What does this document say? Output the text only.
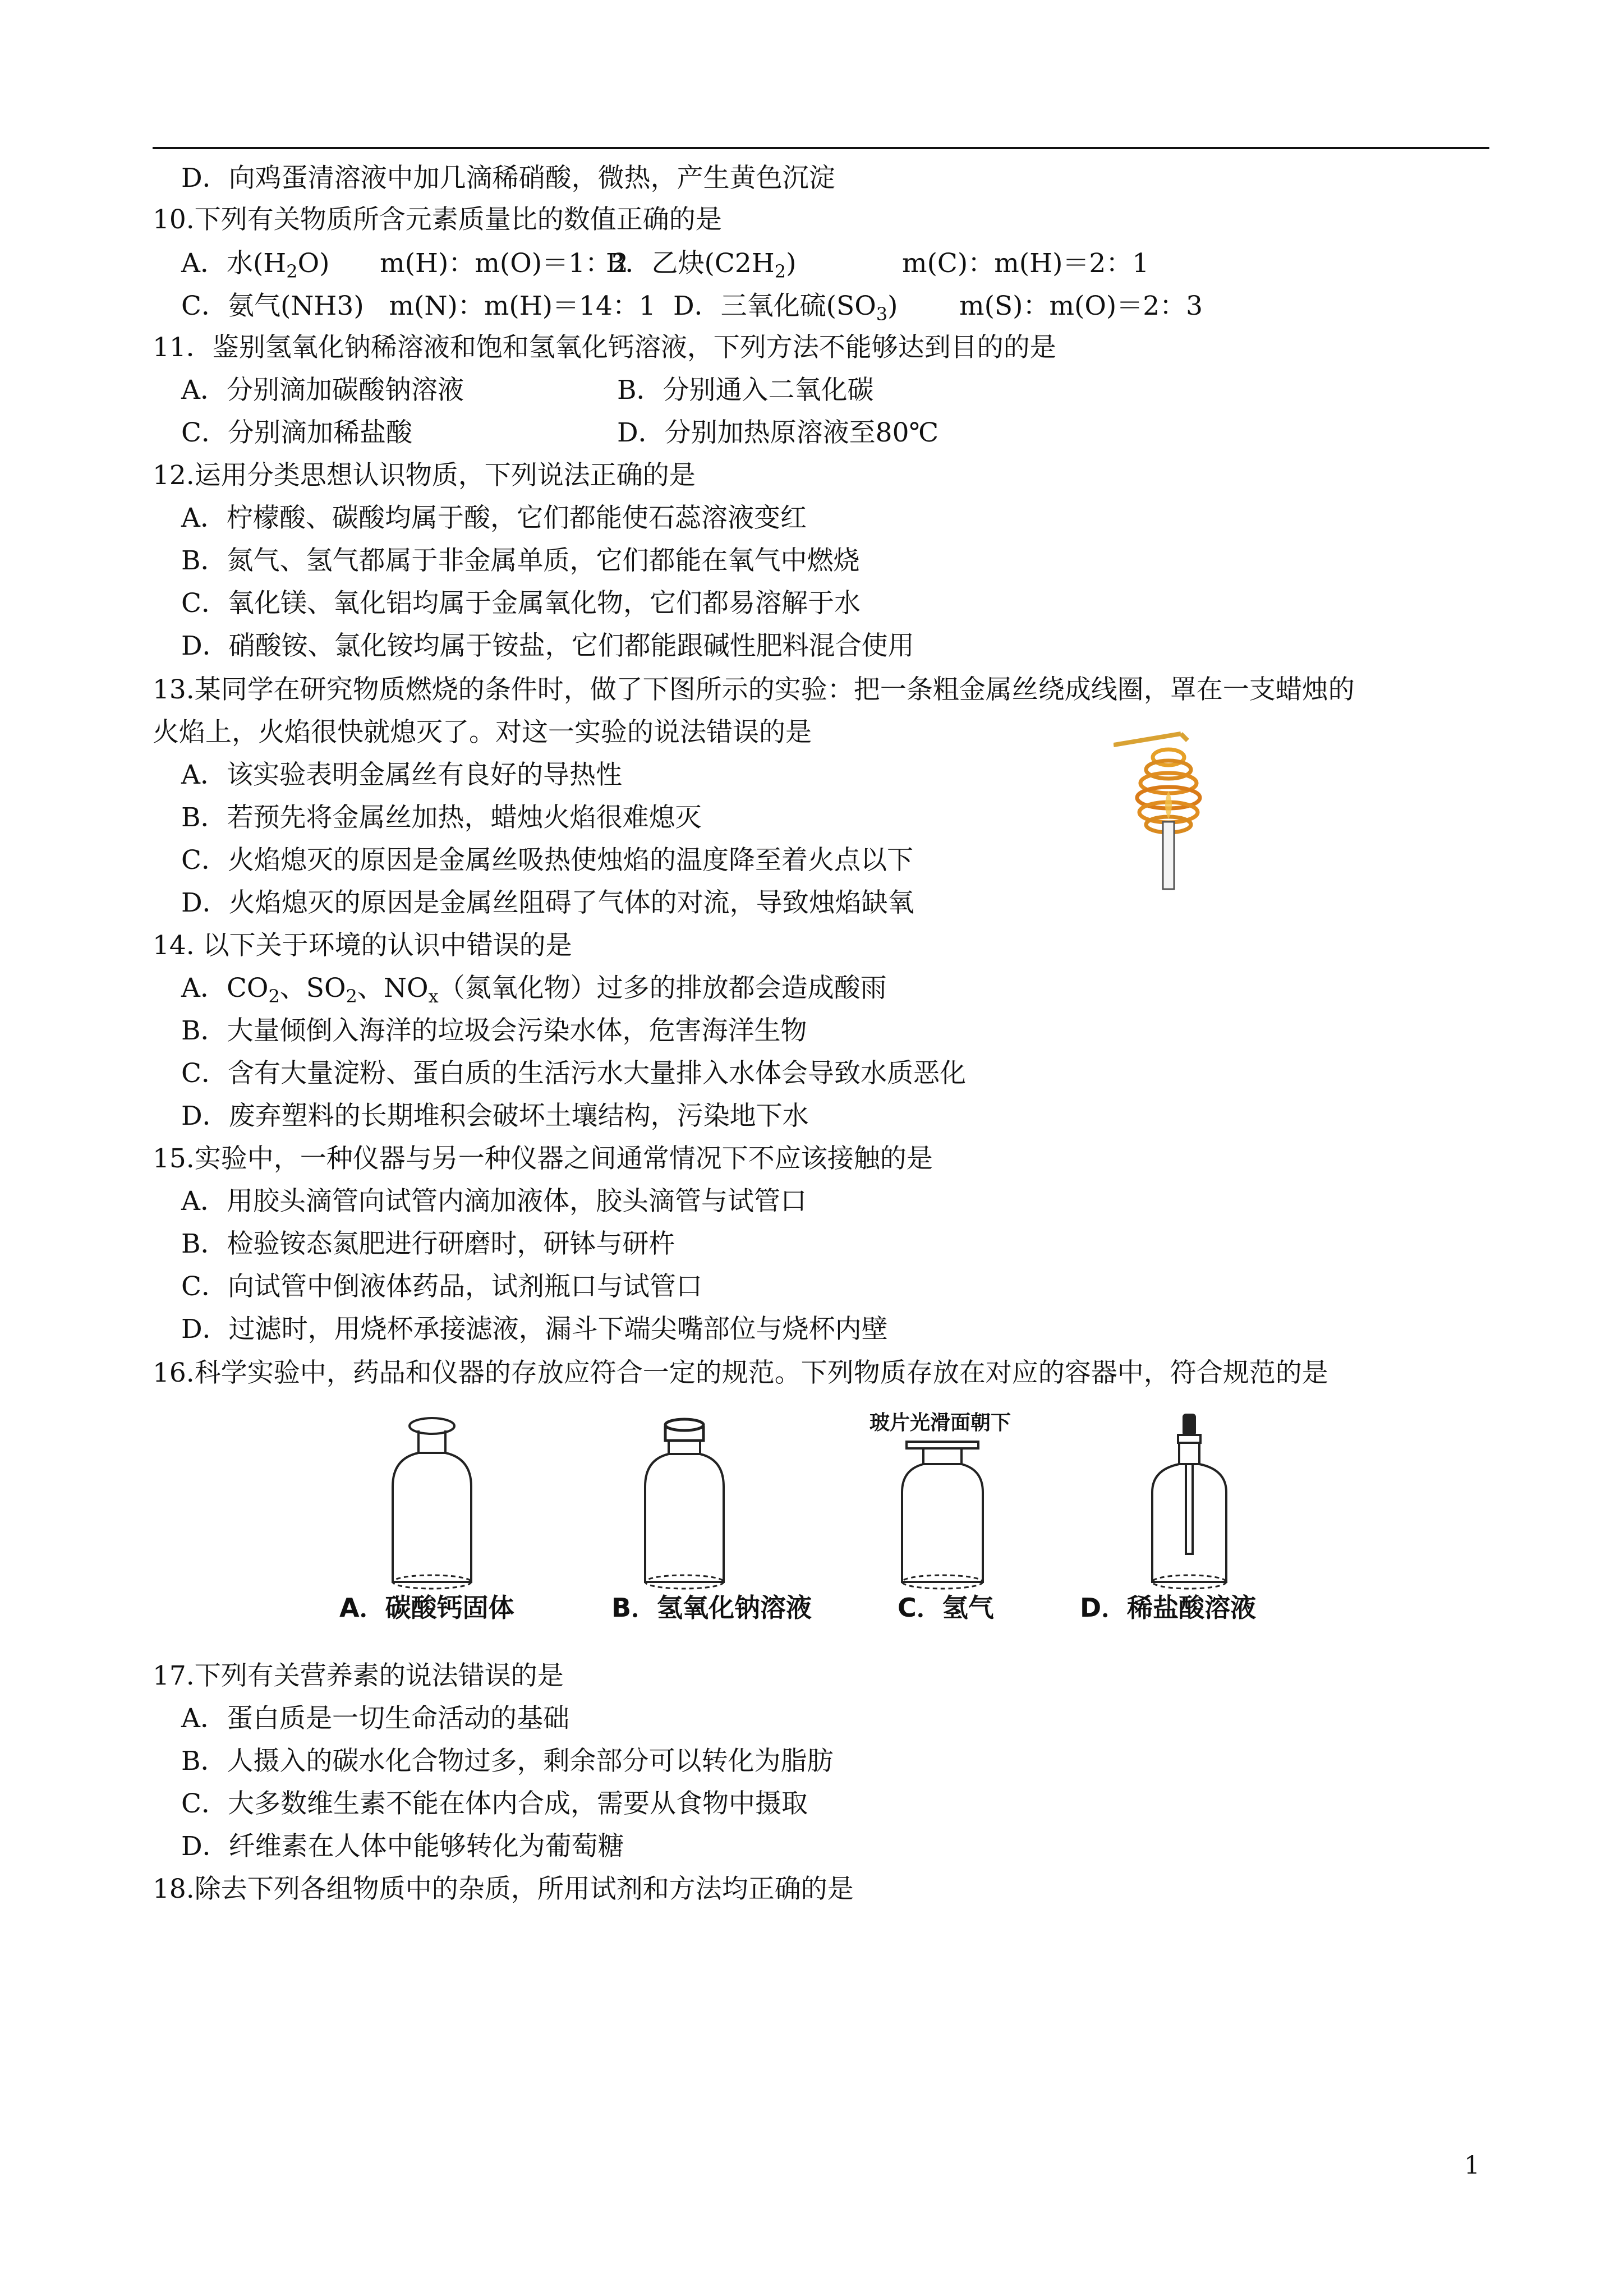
D．向鸡蛋清溶液中加几滴稀硝酸，微热，产生黄色沉淀
10.下列有关物质所含元素质量比的数值正确的是
A．水$(H_2O)$      m(H)：m(O)＝1：2
B．乙炔$(C2H_2)$	m(C)：m(H)＝2：1
C．氨气(NH3)   m(N)：m(H)＝14：1 D．三氧化硫$(SO_3)$ m(S)：m(O)＝2：3
11．鉴别氢氧化钠稀溶液和饱和氢氧化钙溶液，下列方法不能够达到目的的是
A．分别滴加碳酸钠溶液	B．分别通入二氧化碳
C．分别滴加稀盐酸	D．分别加热原溶液至80℃
12.运用分类思想认识物质，下列说法正确的是
A．柠檬酸、碳酸均属于酸，它们都能使石蕊溶液变红
B．氮气、氢气都属于非金属单质，它们都能在氧气中燃烧
C．氧化镁、氧化铝均属于金属氧化物，它们都易溶解于水
D．硝酸铵、氯化铵均属于铵盐，它们都能跟碱性肥料混合使用
13.某同学在研究物质燃烧的条件时，做了下图所示的实验：把一条粗金属丝绕成线圈，罩在一支蜡烛的
火焰上，火焰很快就熄灭了。对这一实验的说法错误的是
A．该实验表明金属丝有良好的导热性
B．若预先将金属丝加热，蜡烛火焰很难熄灭
C．火焰熄灭的原因是金属丝吸热使烛焰的温度降至着火点以下
D．火焰熄灭的原因是金属丝阻碍了气体的对流，导致烛焰缺氧
14. 以下关于环境的认识中错误的是
A．$CO_2$、$SO_2$、$NO_x$（氮氧化物）过多的排放都会造成酸雨
B．大量倾倒入海洋的垃圾会污染水体，危害海洋生物
C．含有大量淀粉、蛋白质的生活污水大量排入水体会导致水质恶化
D．废弃塑料的长期堆积会破坏土壤结构，污染地下水
15.实验中，一种仪器与另一种仪器之间通常情况下不应该接触的是
A．用胶头滴管向试管内滴加液体，胶头滴管与试管口
B．检验铵态氮肥进行研磨时，研钵与研杵
C．向试管中倒液体药品，试剂瓶口与试管口
D．过滤时，用烧杯承接滤液，漏斗下端尖嘴部位与烧杯内壁
16.科学实验中，药品和仪器的存放应符合一定的规范。下列物质存放在对应的容器中，符合规范的是
玻片光滑面朝下
A．碳酸钙固体	B．氢氧化钠溶液	C．氢气	D．稀盐酸溶液
17.下列有关营养素的说法错误的是
A．蛋白质是一切生命活动的基础
B．人摄入的碳水化合物过多，剩余部分可以转化为脂肪
C．大多数维生素不能在体内合成，需要从食物中摄取
D．纤维素在人体中能够转化为葡萄糖
18.除去下列各组物质中的杂质，所用试剂和方法均正确的是
1
